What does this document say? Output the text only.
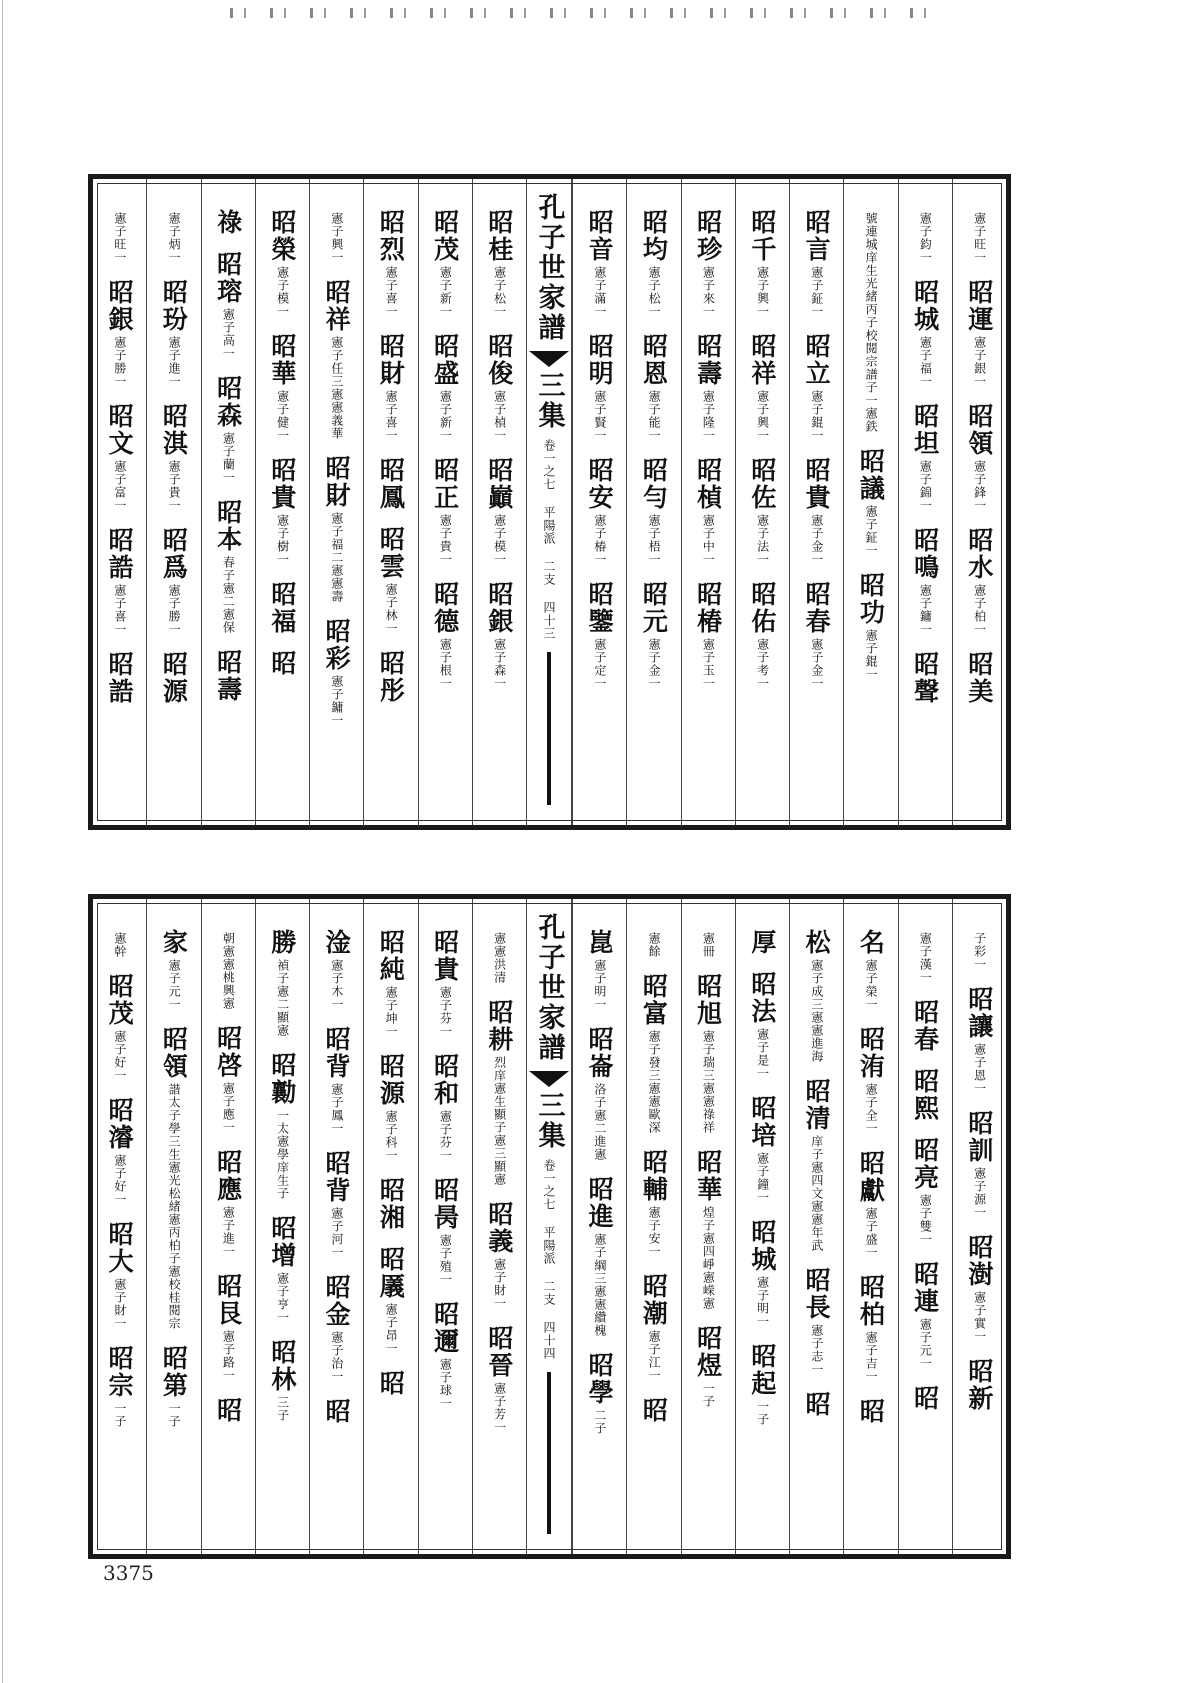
憲子旺一
昭運
憲子銀一
昭領
憲子鋒一
昭水
憲子柏一
昭美
憲子鈞一
昭城
憲子福一
昭坦
憲子錦一
昭鳴
憲子鏞一
昭聲
號連城庠生光緒丙子校閱宗譜子一憲鉄
昭議
憲子鉦一
昭功
憲子錕一
昭言
憲子鉦一
昭立
憲子錕一
昭貴
憲子金一
昭春
憲子金一
昭千
憲子興一
昭祥
憲子興一
昭佐
憲子法一
昭佑
憲子考一
昭珍
憲子來一
昭壽
憲子隆一
昭楨
憲子中一
昭椿
憲子玉一
昭均
憲子松一
昭恩
憲子能一
昭勻
憲子梧一
昭元
憲子金一
昭音
憲子滿一
昭明
憲子賢一
昭安
憲子椿一
昭鑒
憲子定一
孔子世家譜
三集
卷一之七 平陽派 二支 四十三
昭桂
憲子松一
昭俊
憲子楨一
昭巓
憲子模一
昭銀
憲子森一
昭茂
憲子新一
昭盛
憲子新一
昭正
憲子貴一
昭德
憲子根一
昭烈
憲子喜一
昭財
憲子喜一
昭鳳
昭雲
憲子林一
昭彤
憲子興一
昭祥
憲子任三憲憲義華
昭財
憲子福二憲憲壽
昭彩
憲子鏞一
昭榮
憲子模一
昭華
憲子健一
昭貴
憲子樹一
昭福
昭
祿
昭瑢
憲子高一
昭森
憲子蘭一
昭本
春子憲二憲保
昭壽
憲子炳一
昭玢
憲子進一
昭淇
憲子貴一
昭爲
憲子勝一
昭源
憲子旺一
昭銀
憲子勝一
昭文
憲子富一
昭誥
憲子喜一
昭誥
子彩一
昭讓
憲子恩一
昭訓
憲子源一
昭澍
憲子實一
昭新
憲子漢一
昭春
昭熙
昭亮
憲子雙一
昭連
憲子元一
昭
名
憲子榮一
昭洧
憲子全一
昭獻
憲子盛一
昭柏
憲子吉一
昭
松
憲子成三憲憲進海
昭清
庠子憲四文憲憲年武
昭長
憲子志一
昭
厚
昭法
憲子是一
昭培
憲子鐘一
昭城
憲子明一
昭起
一子
憲冊
昭旭
憲子瑞三憲憲祿祥
昭華
煌子憲四崢憲嵘憲
昭煜
一子
憲餘
昭富
憲子發三憲憲歐深
昭輔
憲子安一
昭潮
憲子江一
昭
崑
憲子明一
昭崙
洛子憲二進憲
昭進
憲子綱三憲憲纘槐
昭學
二子
孔子世家譜
三集
卷一之七 平陽派 二支 四十四
憲憲洪清
昭耕
烈庠憲生顯子憲三顯憲
昭義
憲子財一
昭晉
憲子芳一
昭貴
憲子芬一
昭和
憲子芬一
昭昺
憲子殖一
昭邇
憲子球一
昭純
憲子坤一
昭源
憲子科一
昭湘
昭㕒
憲子昂一
昭
淦
憲子木一
昭背
憲子鳳一
昭背
憲子河一
昭金
憲子治一
昭
勝
禎子憲二顯憲
昭勷
一太憲學庠生子
昭增
憲子亨一
昭林
三子
朝憲憲桃興憲
昭啓
憲子應一
昭應
憲子進一
昭艮
憲子路一
昭
家
憲子元一
昭領
諧太子學三生憲光松緒憲丙柏子憲校桂閱宗
昭第
一子
憲幹
昭茂
憲子好一
昭濬
憲子好一
昭大
憲子財一
昭宗
一子
3375
